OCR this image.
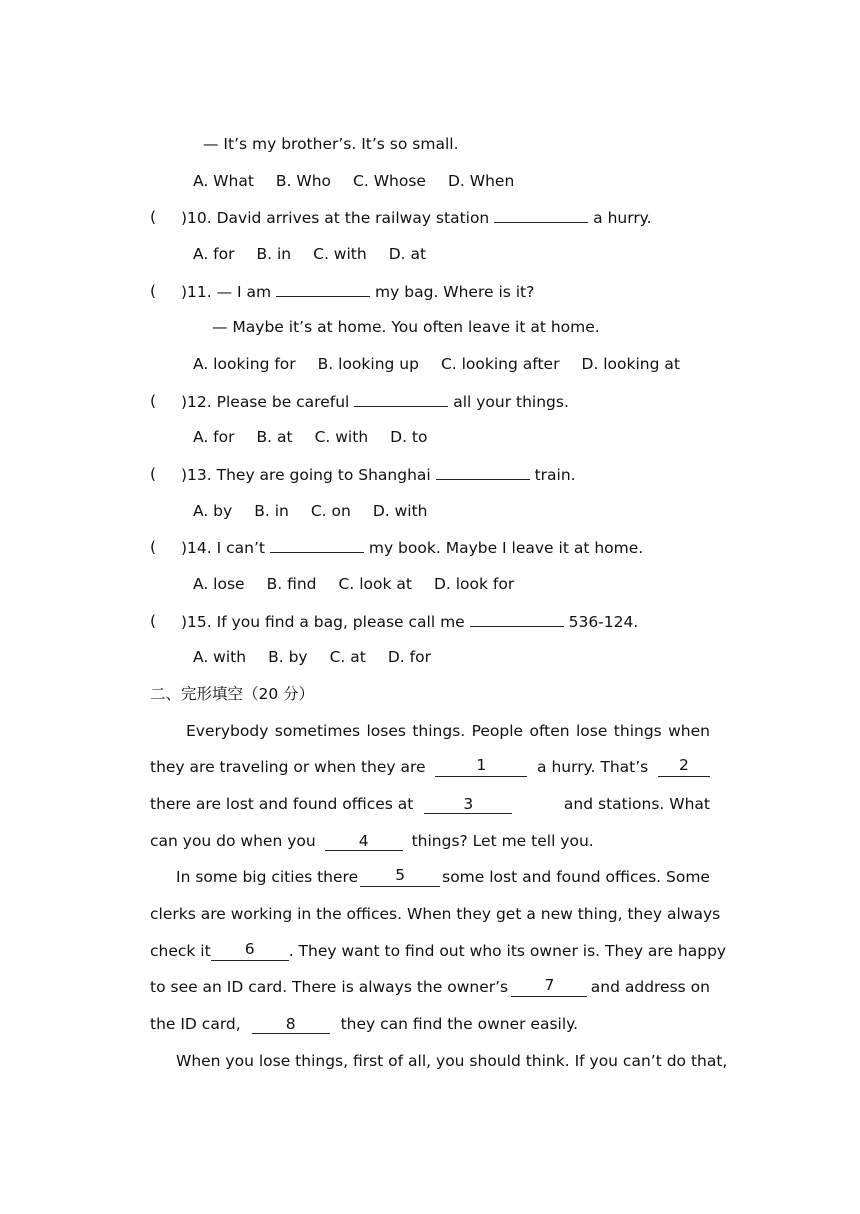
— It’s my brother’s. It’s so small.
A. What B. Who C. Whose D. When
( )10. David arrives at the railway station	a hurry.
A. for B. in C. with D. at
( )11. — I am	my bag. Where is it?
— Maybe it’s at home. You often leave it at home.
A. looking for B. looking up C. looking after D. looking at
( )12. Please be careful	all your things.
A. for B. at C. with D. to
( )13. They are going to Shanghai	train.
A. by B. in C. on D. with
( )14. I can’t	my book. Maybe I leave it at home.
A. lose B. find C. look at D. look for
( )15. If you find a bag, please call me	536-124.
A. with B. by C. at D. for
二、完形填空（20 分）
Everybody sometimes loses things. People often lose things when
they are traveling or when they are	1	a hurry. That’s	2
there are lost and found offices at	3	and stations. What
can you do when you	4	things? Let me tell you.
In some big cities there	5	some lost and found offices. Some
clerks are working in the offices. When they get a new thing, they always
check it	6	. They want to find out who its owner is. They are happy
to see an ID card. There is always the owner’s	7	and address on
the ID card,	8	they can find the owner easily.
When you lose things, first of all, you should think. If you can’t do that,
